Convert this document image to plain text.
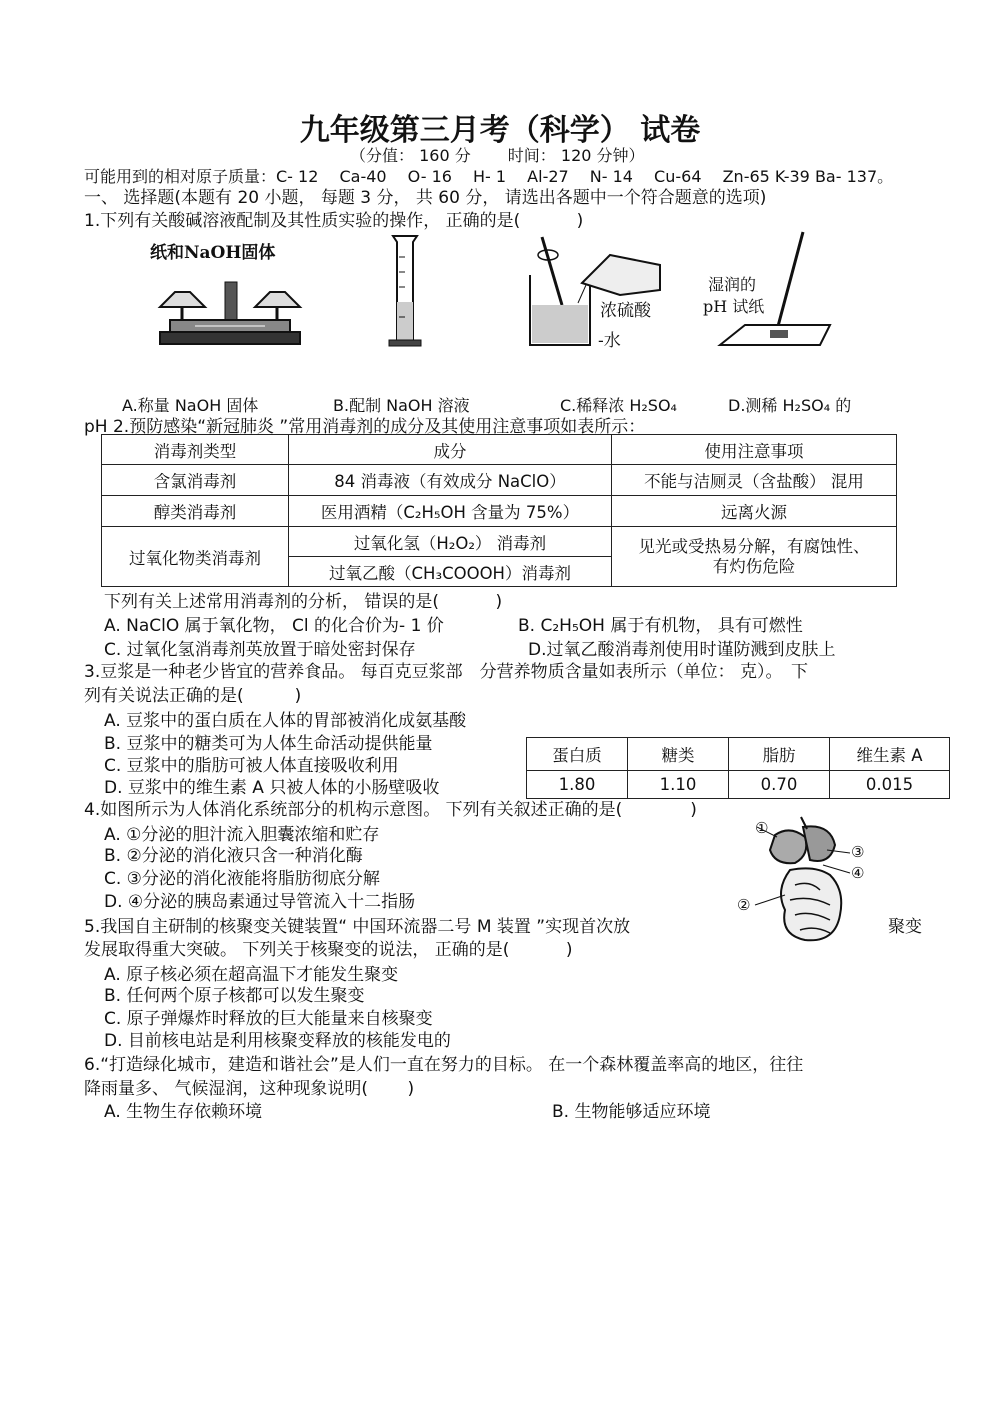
九年级第三月考（科学） 试卷
（分值： 160 分　　 时间： 120 分钟）
可能用到的相对原子质量：C- 12　 Ca-40　 O- 16　 H- 1　 Al-27　 N- 14　 Cu-64　 Zn-65 K-39 Ba- 137。
一、 选择题(本题有 20 小题， 每题 3 分， 共 60 分， 请选出各题中一个符合题意的选项)
1.下列有关酸碱溶液配制及其性质实验的操作， 正确的是(　　　 )
纸和NaOH固体
浓硫酸
-水
湿润的
pH 试纸
A.称量 NaOH 固体	B.配制 NaOH 溶液	C.稀释浓 H₂SO₄	D.测稀 H₂SO₄ 的
pH 2.预防感染“新冠肺炎 ”常用消毒剂的成分及其使用注意事项如表所示：
消毒剂类型	成分	使用注意事项
含氯消毒剂	84 消毒液（有效成分 NaClO）	不能与洁厕灵（含盐酸） 混用
醇类消毒剂	医用酒精（C₂H₅OH 含量为 75%）	远离火源
过氧化物类消毒剂	过氧化氢（H₂O₂） 消毒剂	见光或受热易分解，有腐蚀性、
有灼伤危险

	过氧乙酸（CH₃COOOH）消毒剂	
下列有关上述常用消毒剂的分析， 错误的是(　　　 )
A. NaClO 属于氧化物， Cl 的化合价为- 1 价	B. C₂H₅OH 属于有机物， 具有可燃性
C. 过氧化氢消毒剂英放置于暗处密封保存	D.过氧乙酸消毒剂使用时谨防溅到皮肤上
3.豆浆是一种老少皆宜的营养食品。 每百克豆浆部　分营养物质含量如表所示（单位： 克）。　下
列有关说法正确的是(　　　)
A. 豆浆中的蛋白质在人体的胃部被消化成氨基酸
B. 豆浆中的糖类可为人体生命活动提供能量
C. 豆浆中的脂肪可被人体直接吸收利用
D. 豆浆中的维生素 A 只被人体的小肠壁吸收
蛋白质	糖类	脂肪	维生素 A
1.80	1.10	0.70	0.015
4.如图所示为人体消化系统部分的机构示意图。 下列有关叙述正确的是(　　　　)
A. ①分泌的胆汁流入胆囊浓缩和贮存
B. ②分泌的消化液只含一种消化酶
C. ③分泌的消化液能将脂肪彻底分解
D. ④分泌的胰岛素通过导管流入十二指肠
①
②
③
④
5.我国自主研制的核聚变关键装置“ 中国环流器二号 M 装置 ”实现首次放	聚变
发展取得重大突破。 下列关于核聚变的说法， 正确的是(　　　 )
A. 原子核必须在超高温下才能发生聚变
B. 任何两个原子核都可以发生聚变
C. 原子弹爆炸时释放的巨大能量来自核聚变
D. 目前核电站是利用核聚变释放的核能发电的
6.“打造绿化城市，建造和谐社会”是人们一直在努力的目标。 在一个森林覆盖率高的地区，往往
降雨量多、 气候湿润，这种现象说明(　　 )
A. 生物生存依赖环境	B. 生物能够适应环境
